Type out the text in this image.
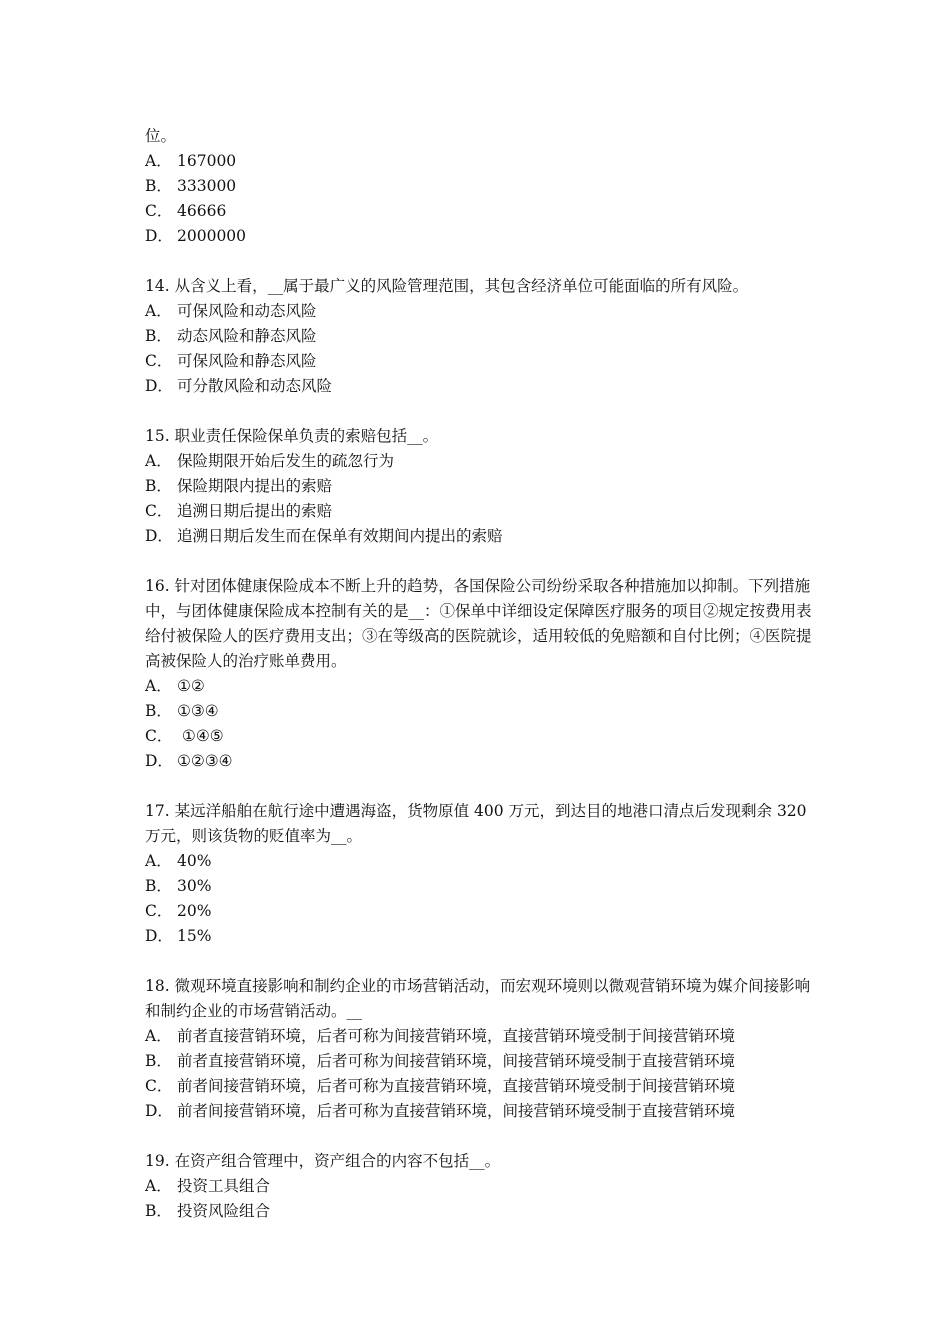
位。
A． 167000
B． 333000
C． 46666
D． 2000000
14. 从含义上看，__属于最广义的风险管理范围，其包含经济单位可能面临的所有风险。
A． 可保风险和动态风险
B． 动态风险和静态风险
C． 可保风险和静态风险
D． 可分散风险和动态风险
15. 职业责任保险保单负责的索赔包括__。
A． 保险期限开始后发生的疏忽行为
B． 保险期限内提出的索赔
C． 追溯日期后提出的索赔
D． 追溯日期后发生而在保单有效期间内提出的索赔
16. 针对团体健康保险成本不断上升的趋势，各国保险公司纷纷采取各种措施加以抑制。下列措施中，与团体健康保险成本控制有关的是__：①保单中详细设定保障医疗服务的项目②规定按费用表给付被保险人的医疗费用支出；③在等级高的医院就诊，适用较低的免赔额和自付比例；④医院提高被保险人的治疗账单费用。
A． ①②
B． ①③④
C． ①④⑤
D． ①②③④
17. 某远洋船舶在航行途中遭遇海盗，货物原值 400 万元，到达目的地港口清点后发现剩余 320 万元，则该货物的贬值率为__。
A． 40%
B． 30%
C． 20%
D． 15%
18. 微观环境直接影响和制约企业的市场营销活动，而宏观环境则以微观营销环境为媒介间接影响和制约企业的市场营销活动。__
A． 前者直接营销环境，后者可称为间接营销环境，直接营销环境受制于间接营销环境
B． 前者直接营销环境，后者可称为间接营销环境，间接营销环境受制于直接营销环境
C． 前者间接营销环境，后者可称为直接营销环境，直接营销环境受制于间接营销环境
D． 前者间接营销环境，后者可称为直接营销环境，间接营销环境受制于直接营销环境
19. 在资产组合管理中，资产组合的内容不包括__。
A． 投资工具组合
B． 投资风险组合
